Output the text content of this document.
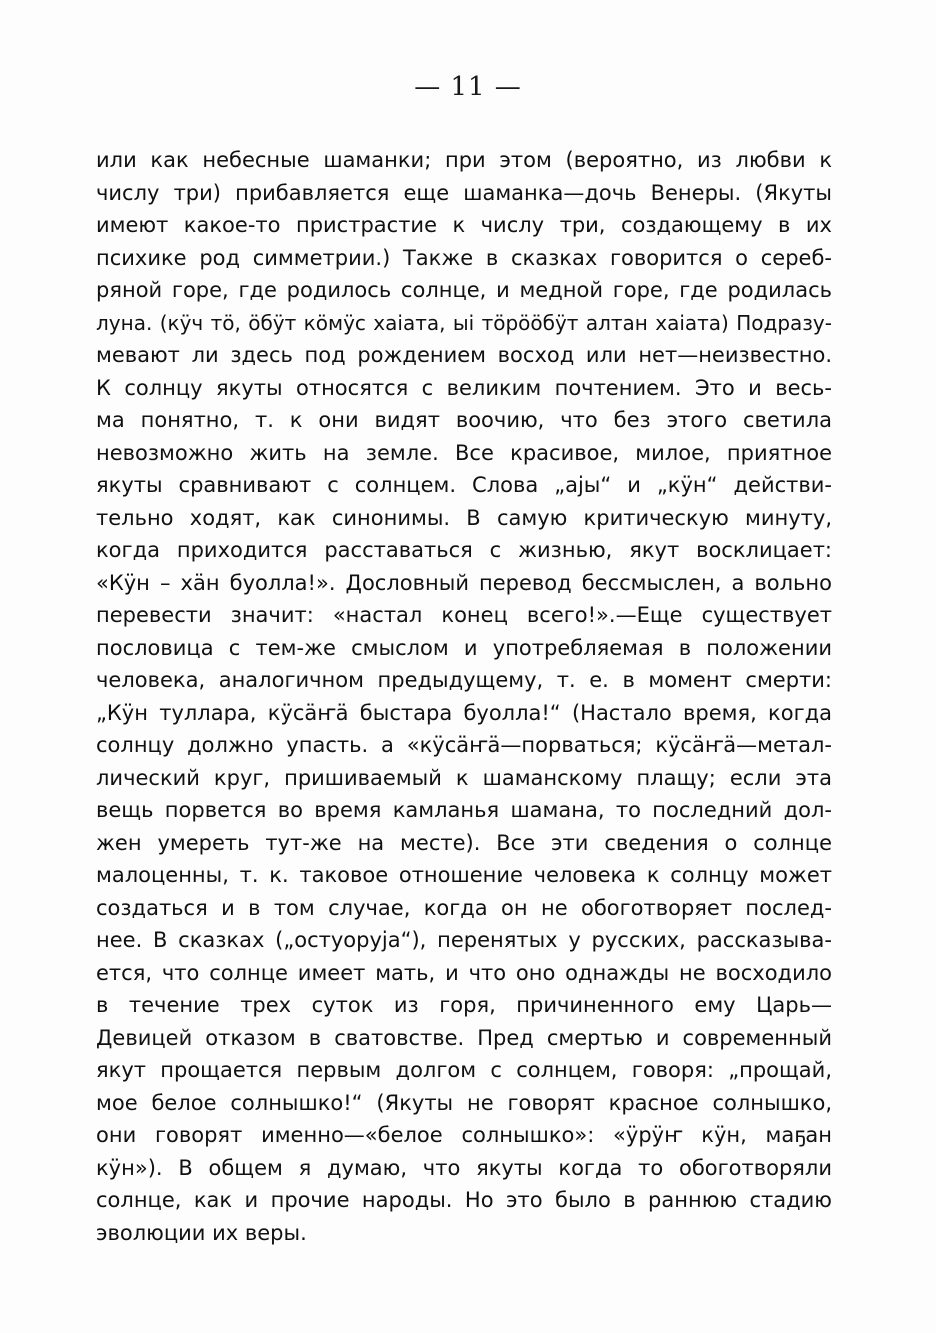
— 11 —
или как небесные шаманки; при этом (вероятно, из любви к
числу три) прибавляется еще шаманка—дочь Венеры. (Якуты
имеют какое-то пристрастие к числу три, создающему в их
психике род симметрии.) Также в сказках говорится о сереб-
ряной горе, где родилось солнце, и медной горе, где родилась
луна. (кÿч тö, öбÿт кöмÿс хаiата, ыi тöрööбÿт алтан хаiата) Подразу-
мевают ли здесь под рождением восход или нет—неизвестно.
К солнцу якуты относятся с великим почтением. Это и весь-
ма понятно, т. к они видят воочию, что без этого светила
невозможно жить на земле. Все красивое, милое, приятное
якуты сравнивают с солнцем. Слова „аjы“ и „кÿн“ действи-
тельно ходят, как синонимы. В самую критическую минуту,
когда приходится расставаться с жизнью, якут восклицает:
«Кÿн – хäн буолла!». Дословный перевод бессмыслен, а вольно
перевести значит: «настал конец всего!».—Еще существует
пословица с тем-же смыслом и употребляемая в положении
человека, аналогичном предыдущему, т. е. в момент смерти:
„Кÿн туллара, кÿсäҥä быстара буолла!“ (Настало время, когда
солнцу должно упасть. а «кÿсäҥä—порваться; кÿсäҥä—метал-
лический круг, пришиваемый к шаманскому плащу; если эта
вещь порвется во время камланья шамана, то последний дол-
жен умереть тут-же на месте). Все эти сведения о солнце
малоценны, т. к. таковое отношение человека к солнцу может
создаться и в том случае, когда он не обоготворяет послед-
нее. В сказках („остуоруjа“), перенятых у русских, рассказыва-
ется, что солнце имеет мать, и что оно однажды не восходило
в течение трех суток из горя, причиненного ему Царь—
Девицей отказом в сватовстве. Пред смертью и современный
якут прощается первым долгом с солнцем, говоря: „прощай,
мое белое солнышко!“ (Якуты не говорят красное солнышко,
они говорят именно—«белое солнышко»: «ÿрÿҥ кÿн, маҕан
кÿн»). В общем я думаю, что якуты когда то обоготворяли
солнце, как и прочие народы. Но это было в раннюю стадию
эволюции их веры.
